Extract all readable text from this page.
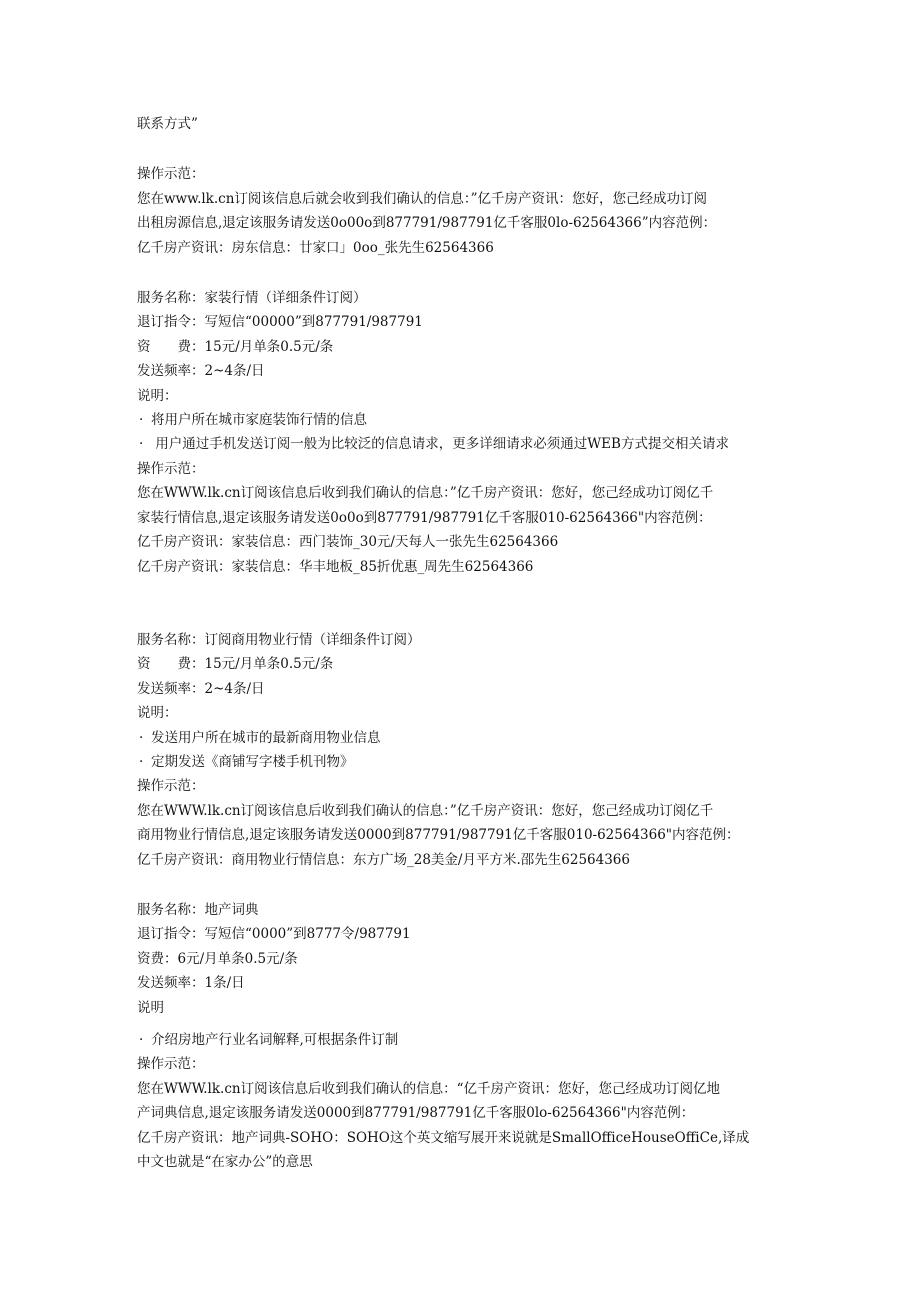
联系方式”
操作示范：
您在www.lk.cn订阅该信息后就会收到我们确认的信息：”亿千房产资讯：您好，您己经成功订阅
出租房源信息,退定该服务请发送0o00o到877791/987791亿千客服0lo-62564366”内容范例：
亿千房产资讯：房东信息：廿家口」0oo_张先生62564366
服务名称：家装行情（详细条件订阅）
退订指令：写短信“00000”到877791/987791
资　　费：15元/月单条0.5元/条
发送频率：2~4条/日
说明：
· 将用户所在城市家庭装饰行情的信息
· 用户通过手机发送订阅一般为比较泛的信息请求，更多详细请求必须通过WEB方式提交相关请求
操作示范：
您在WWW.lk.cn订阅该信息后收到我们确认的信息：”亿千房产资讯：您好，您己经成功订阅亿千
家装行情信息,退定该服务请发送0o0o到877791/987791亿千客服010-62564366"内容范例：
亿千房产资讯：家装信息：西门装饰_30元/天每人一张先生62564366
亿千房产资讯：家装信息：华丰地板_85折优惠_周先生62564366
服务名称：订阅商用物业行情（详细条件订阅）
资　　费：15元/月单条0.5元/条
发送频率：2~4条/日
说明：
· 发送用户所在城市的最新商用物业信息
· 定期发送《商铺写字楼手机刊物》
操作示范：
您在WWW.lk.cn订阅该信息后收到我们确认的信息：”亿千房产资讯：您好，您己经成功订阅亿千
商用物业行情信息,退定该服务请发送0000到877791/987791亿千客服010-62564366"内容范例：
亿千房产资讯：商用物业行情信息：东方广场_28美金/月平方米.邵先生62564366
服务名称：地产词典
退订指令：写短信“0000”到8777令/987791
资费：6元/月单条0.5元/条
发送频率：1条/日
说明
· 介绍房地产行业名词解释,可根据条件订制
操作示范：
您在WWW.lk.cn订阅该信息后收到我们确认的信息：“亿千房产资讯：您好，您己经成功订阅亿地
产词典信息,退定该服务请发送0000到877791/987791亿千客服0lo-62564366"内容范例：
亿千房产资讯：地产词典-SOHO：SOHO这个英文缩写展开来说就是SmallOfficeHouseOffiCe,译成
中文也就是“在家办公”的意思
